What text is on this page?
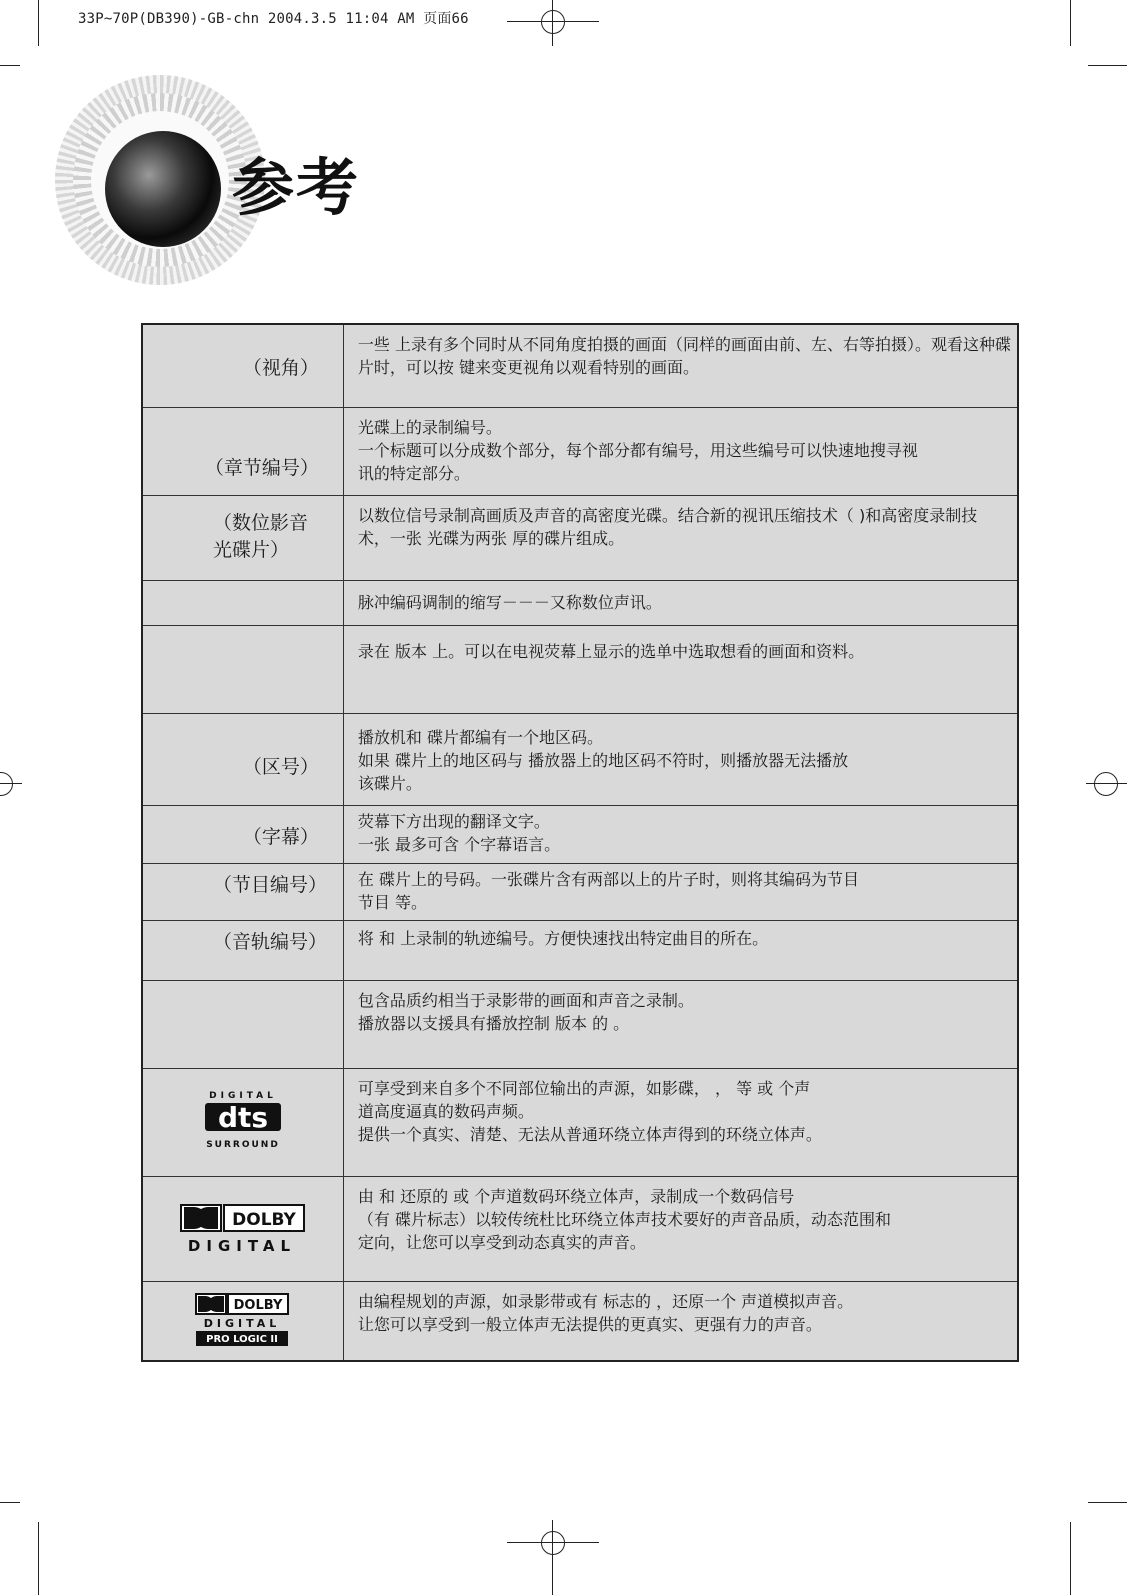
33P~70P(DB390)-GB-chn 2004.3.5 11:04 AM 页面66
参考
（视角）	一些 上录有多个同时从不同角度拍摄的画面（同样的画面由前、左、右等拍摄）。观看这种碟
片时，可以按 键来变更视角以观看特别的画面。

（章节编号）	光碟上的录制编号。
一个标题可以分成数个部分，每个部分都有编号，用这些编号可以快速地搜寻视
讯的特定部分。

（数位影音光碟片）	以数位信号录制高画质及声音的高密度光碟。结合新的视讯压缩技术（ )和高密度录制技
术，一张 光碟为两张 厚的碟片组成。

	脉冲编码调制的缩写－－－又称数位声讯。

	录在 版本 上。可以在电视荧幕上显示的选单中选取想看的画面和资料。

（区号）	播放机和 碟片都编有一个地区码。
如果 碟片上的地区码与 播放器上的地区码不符时，则播放器无法播放
该碟片。

（字幕）	荧幕下方出现的翻译文字。
一张 最多可含 个字幕语言。

（节目编号）	在 碟片上的号码。一张碟片含有两部以上的片子时，则将其编码为节目
节目 等。

（音轨编号）	将 和 上录制的轨迹编号。方便快速找出特定曲目的所在。

	包含品质约相当于录影带的画面和声音之录制。
播放器以支援具有播放控制 版本 的 。

DIGITAL
dts
SURROUND	可享受到来自多个不同部位输出的声源，如影碟， ， 等 或 个声
道高度逼真的数码声频。
提供一个真实、清楚、无法从普通环绕立体声得到的环绕立体声。

DOLBY
DIGITAL	由 和 还原的 或 个声道数码环绕立体声，录制成一个数码信号
（有 碟片标志）以较传统杜比环绕立体声技术要好的声音品质，动态范围和
定向，让您可以享受到动态真实的声音。

DOLBY
DIGITAL
PRO LOGIC II	由编程规划的声源，如录影带或有 标志的 ，还原一个 声道模拟声音。
让您可以享受到一般立体声无法提供的更真实、更强有力的声音。
